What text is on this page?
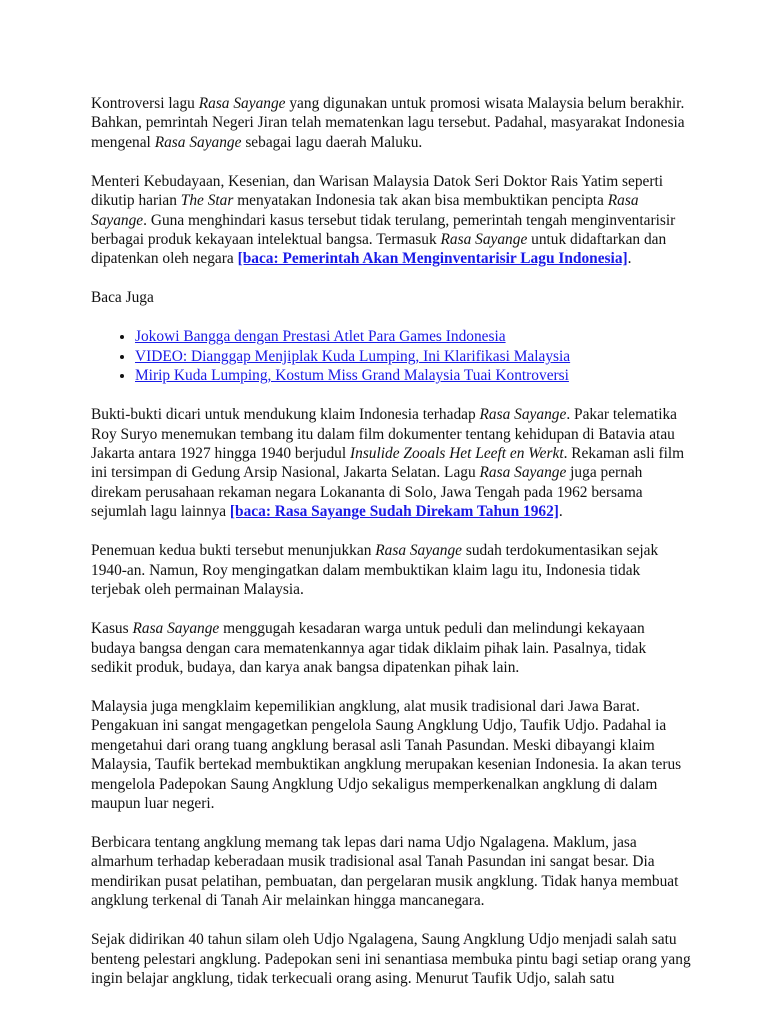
Kontroversi lagu Rasa Sayange yang digunakan untuk promosi wisata Malaysia belum berakhir. Bahkan, pemrintah Negeri Jiran telah mematenkan lagu tersebut. Padahal, masyarakat Indonesia mengenal Rasa Sayange sebagai lagu daerah Maluku.

Menteri Kebudayaan, Kesenian, dan Warisan Malaysia Datok Seri Doktor Rais Yatim seperti dikutip harian The Star menyatakan Indonesia tak akan bisa membuktikan pencipta Rasa Sayange. Guna menghindari kasus tersebut tidak terulang, pemerintah tengah menginventarisir berbagai produk kekayaan intelektual bangsa. Termasuk Rasa Sayange untuk didaftarkan dan dipatenkan oleh negara [baca: Pemerintah Akan Menginventarisir Lagu Indonesia].

Baca Juga

• Jokowi Bangga dengan Prestasi Atlet Para Games Indonesia
• VIDEO: Dianggap Menjiplak Kuda Lumping, Ini Klarifikasi Malaysia
• Mirip Kuda Lumping, Kostum Miss Grand Malaysia Tuai Kontroversi

Bukti-bukti dicari untuk mendukung klaim Indonesia terhadap Rasa Sayange. Pakar telematika Roy Suryo menemukan tembang itu dalam film dokumenter tentang kehidupan di Batavia atau Jakarta antara 1927 hingga 1940 berjudul Insulide Zooals Het Leeft en Werkt. Rekaman asli film ini tersimpan di Gedung Arsip Nasional, Jakarta Selatan. Lagu Rasa Sayange juga pernah direkam perusahaan rekaman negara Lokananta di Solo, Jawa Tengah pada 1962 bersama sejumlah lagu lainnya [baca: Rasa Sayange Sudah Direkam Tahun 1962].

Penemuan kedua bukti tersebut menunjukkan Rasa Sayange sudah terdokumentasikan sejak 1940-an. Namun, Roy mengingatkan dalam membuktikan klaim lagu itu, Indonesia tidak terjebak oleh permainan Malaysia.

Kasus Rasa Sayange menggugah kesadaran warga untuk peduli dan melindungi kekayaan budaya bangsa dengan cara mematenkannya agar tidak diklaim pihak lain. Pasalnya, tidak sedikit produk, budaya, dan karya anak bangsa dipatenkan pihak lain.

Malaysia juga mengklaim kepemilikian angklung, alat musik tradisional dari Jawa Barat. Pengakuan ini sangat mengagetkan pengelola Saung Angklung Udjo, Taufik Udjo. Padahal ia mengetahui dari orang tuang angklung berasal asli Tanah Pasundan. Meski dibayangi klaim Malaysia, Taufik bertekad membuktikan angklung merupakan kesenian Indonesia. Ia akan terus mengelola Padepokan Saung Angklung Udjo sekaligus memperkenalkan angklung di dalam maupun luar negeri.

Berbicara tentang angklung memang tak lepas dari nama Udjo Ngalagena. Maklum, jasa almarhum terhadap keberadaan musik tradisional asal Tanah Pasundan ini sangat besar. Dia mendirikan pusat pelatihan, pembuatan, dan pergelaran musik angklung. Tidak hanya membuat angklung terkenal di Tanah Air melainkan hingga mancanegara.

Sejak didirikan 40 tahun silam oleh Udjo Ngalagena, Saung Angklung Udjo menjadi salah satu benteng pelestari angklung. Padepokan seni ini senantiasa membuka pintu bagi setiap orang yang ingin belajar angklung, tidak terkecuali orang asing. Menurut Taufik Udjo, salah satu
